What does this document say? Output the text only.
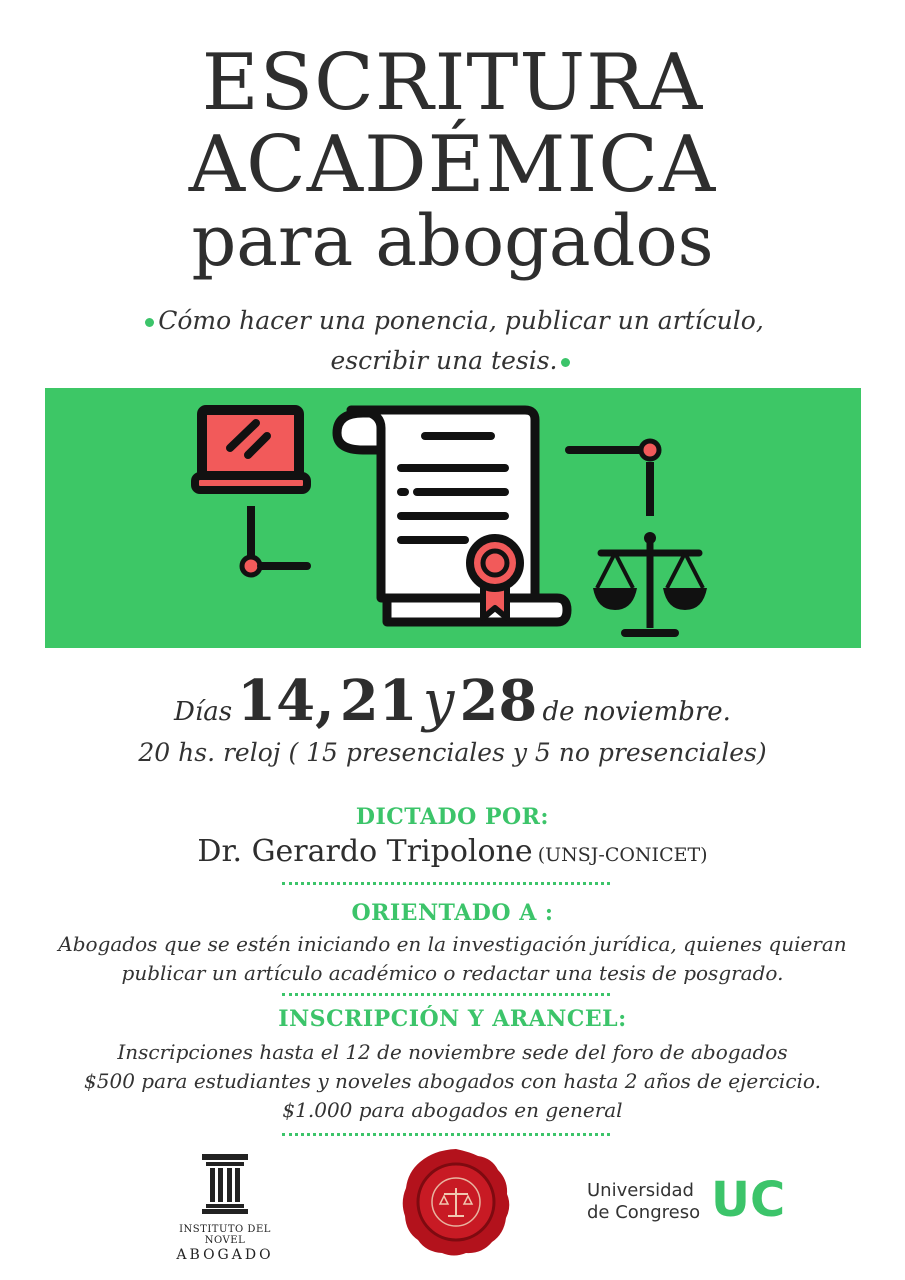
ESCRITURA
ACADÉMICA
para abogados
Cómo hacer una ponencia, publicar un artículo,
escribir una tesis.
Días 14, 21 y 28 de noviembre.
20 hs. reloj ( 15 presenciales y 5 no presenciales)
DICTADO POR:
Dr. Gerardo Tripolone (UNSJ-CONICET)
ORIENTADO A :
Abogados que se estén iniciando en la investigación jurídica, quienes quieran
publicar un artículo académico o redactar una tesis de posgrado.
INSCRIPCIÓN Y ARANCEL:
Inscripciones hasta el 12 de noviembre sede del foro de abogados
$500 para estudiantes y noveles abogados con hasta 2 años de ejercicio.
$1.000 para abogados en general
INSTITUTO DEL NOVEL
ABOGADO
Universidad
de Congreso UC
